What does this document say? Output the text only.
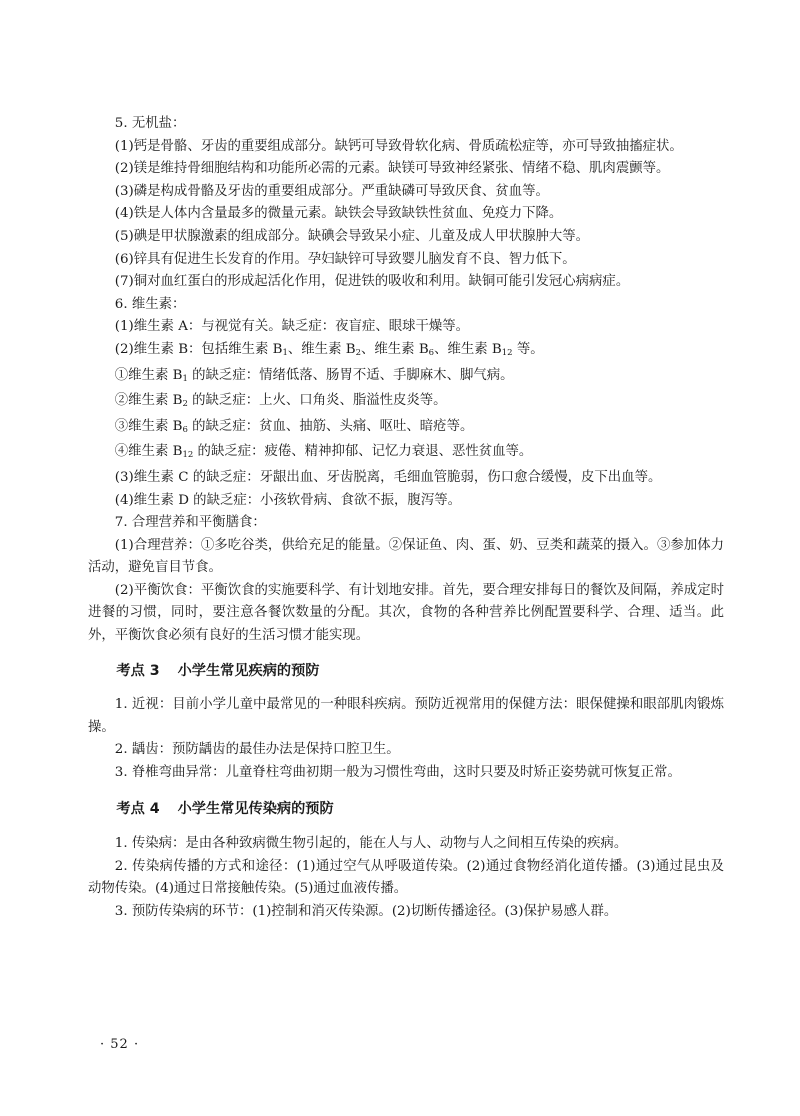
5. 无机盐：

(1)钙是骨骼、牙齿的重要组成部分。缺钙可导致骨软化病、骨质疏松症等，亦可导致抽搐症状。

(2)镁是维持骨细胞结构和功能所必需的元素。缺镁可导致神经紧张、情绪不稳、肌肉震颤等。

(3)磷是构成骨骼及牙齿的重要组成部分。严重缺磷可导致厌食、贫血等。

(4)铁是人体内含量最多的微量元素。缺铁会导致缺铁性贫血、免疫力下降。

(5)碘是甲状腺激素的组成部分。缺碘会导致呆小症、儿童及成人甲状腺肿大等。

(6)锌具有促进生长发育的作用。孕妇缺锌可导致婴儿脑发育不良、智力低下。

(7)铜对血红蛋白的形成起活化作用，促进铁的吸收和利用。缺铜可能引发冠心病病症。

6. 维生素：

(1)维生素 A：与视觉有关。缺乏症：夜盲症、眼球干燥等。

(2)维生素 B：包括维生素 $B_1$、维生素 $B_2$、维生素 $B_6$、维生素 $B_{12}$ 等。

①维生素 $B_1$ 的缺乏症：情绪低落、肠胃不适、手脚麻木、脚气病。

②维生素 $B_2$ 的缺乏症：上火、口角炎、脂溢性皮炎等。

③维生素 $B_6$ 的缺乏症：贫血、抽筋、头痛、呕吐、暗疮等。

④维生素 $B_{12}$ 的缺乏症：疲倦、精神抑郁、记忆力衰退、恶性贫血等。

(3)维生素 C 的缺乏症：牙龈出血、牙齿脱离，毛细血管脆弱，伤口愈合缓慢，皮下出血等。

(4)维生素 D 的缺乏症：小孩软骨病、食欲不振，腹泻等。

7. 合理营养和平衡膳食：

(1)合理营养：①多吃谷类，供给充足的能量。②保证鱼、肉、蛋、奶、豆类和蔬菜的摄入。③参加体力活动，避免盲目节食。

(2)平衡饮食：平衡饮食的实施要科学、有计划地安排。首先，要合理安排每日的餐饮及间隔，养成定时进餐的习惯，同时，要注意各餐饮数量的分配。其次，食物的各种营养比例配置要科学、合理、适当。此外，平衡饮食必须有良好的生活习惯才能实现。

考点 3 小学生常见疾病的预防

1. 近视：目前小学儿童中最常见的一种眼科疾病。预防近视常用的保健方法：眼保健操和眼部肌肉锻炼操。

2. 龋齿：预防龋齿的最佳办法是保持口腔卫生。

3. 脊椎弯曲异常：儿童脊柱弯曲初期一般为习惯性弯曲，这时只要及时矫正姿势就可恢复正常。

考点 4 小学生常见传染病的预防

1. 传染病：是由各种致病微生物引起的，能在人与人、动物与人之间相互传染的疾病。

2. 传染病传播的方式和途径：(1)通过空气从呼吸道传染。(2)通过食物经消化道传播。(3)通过昆虫及动物传染。(4)通过日常接触传染。(5)通过血液传播。

3. 预防传染病的环节：(1)控制和消灭传染源。(2)切断传播途径。(3)保护易感人群。

· 52 ·
